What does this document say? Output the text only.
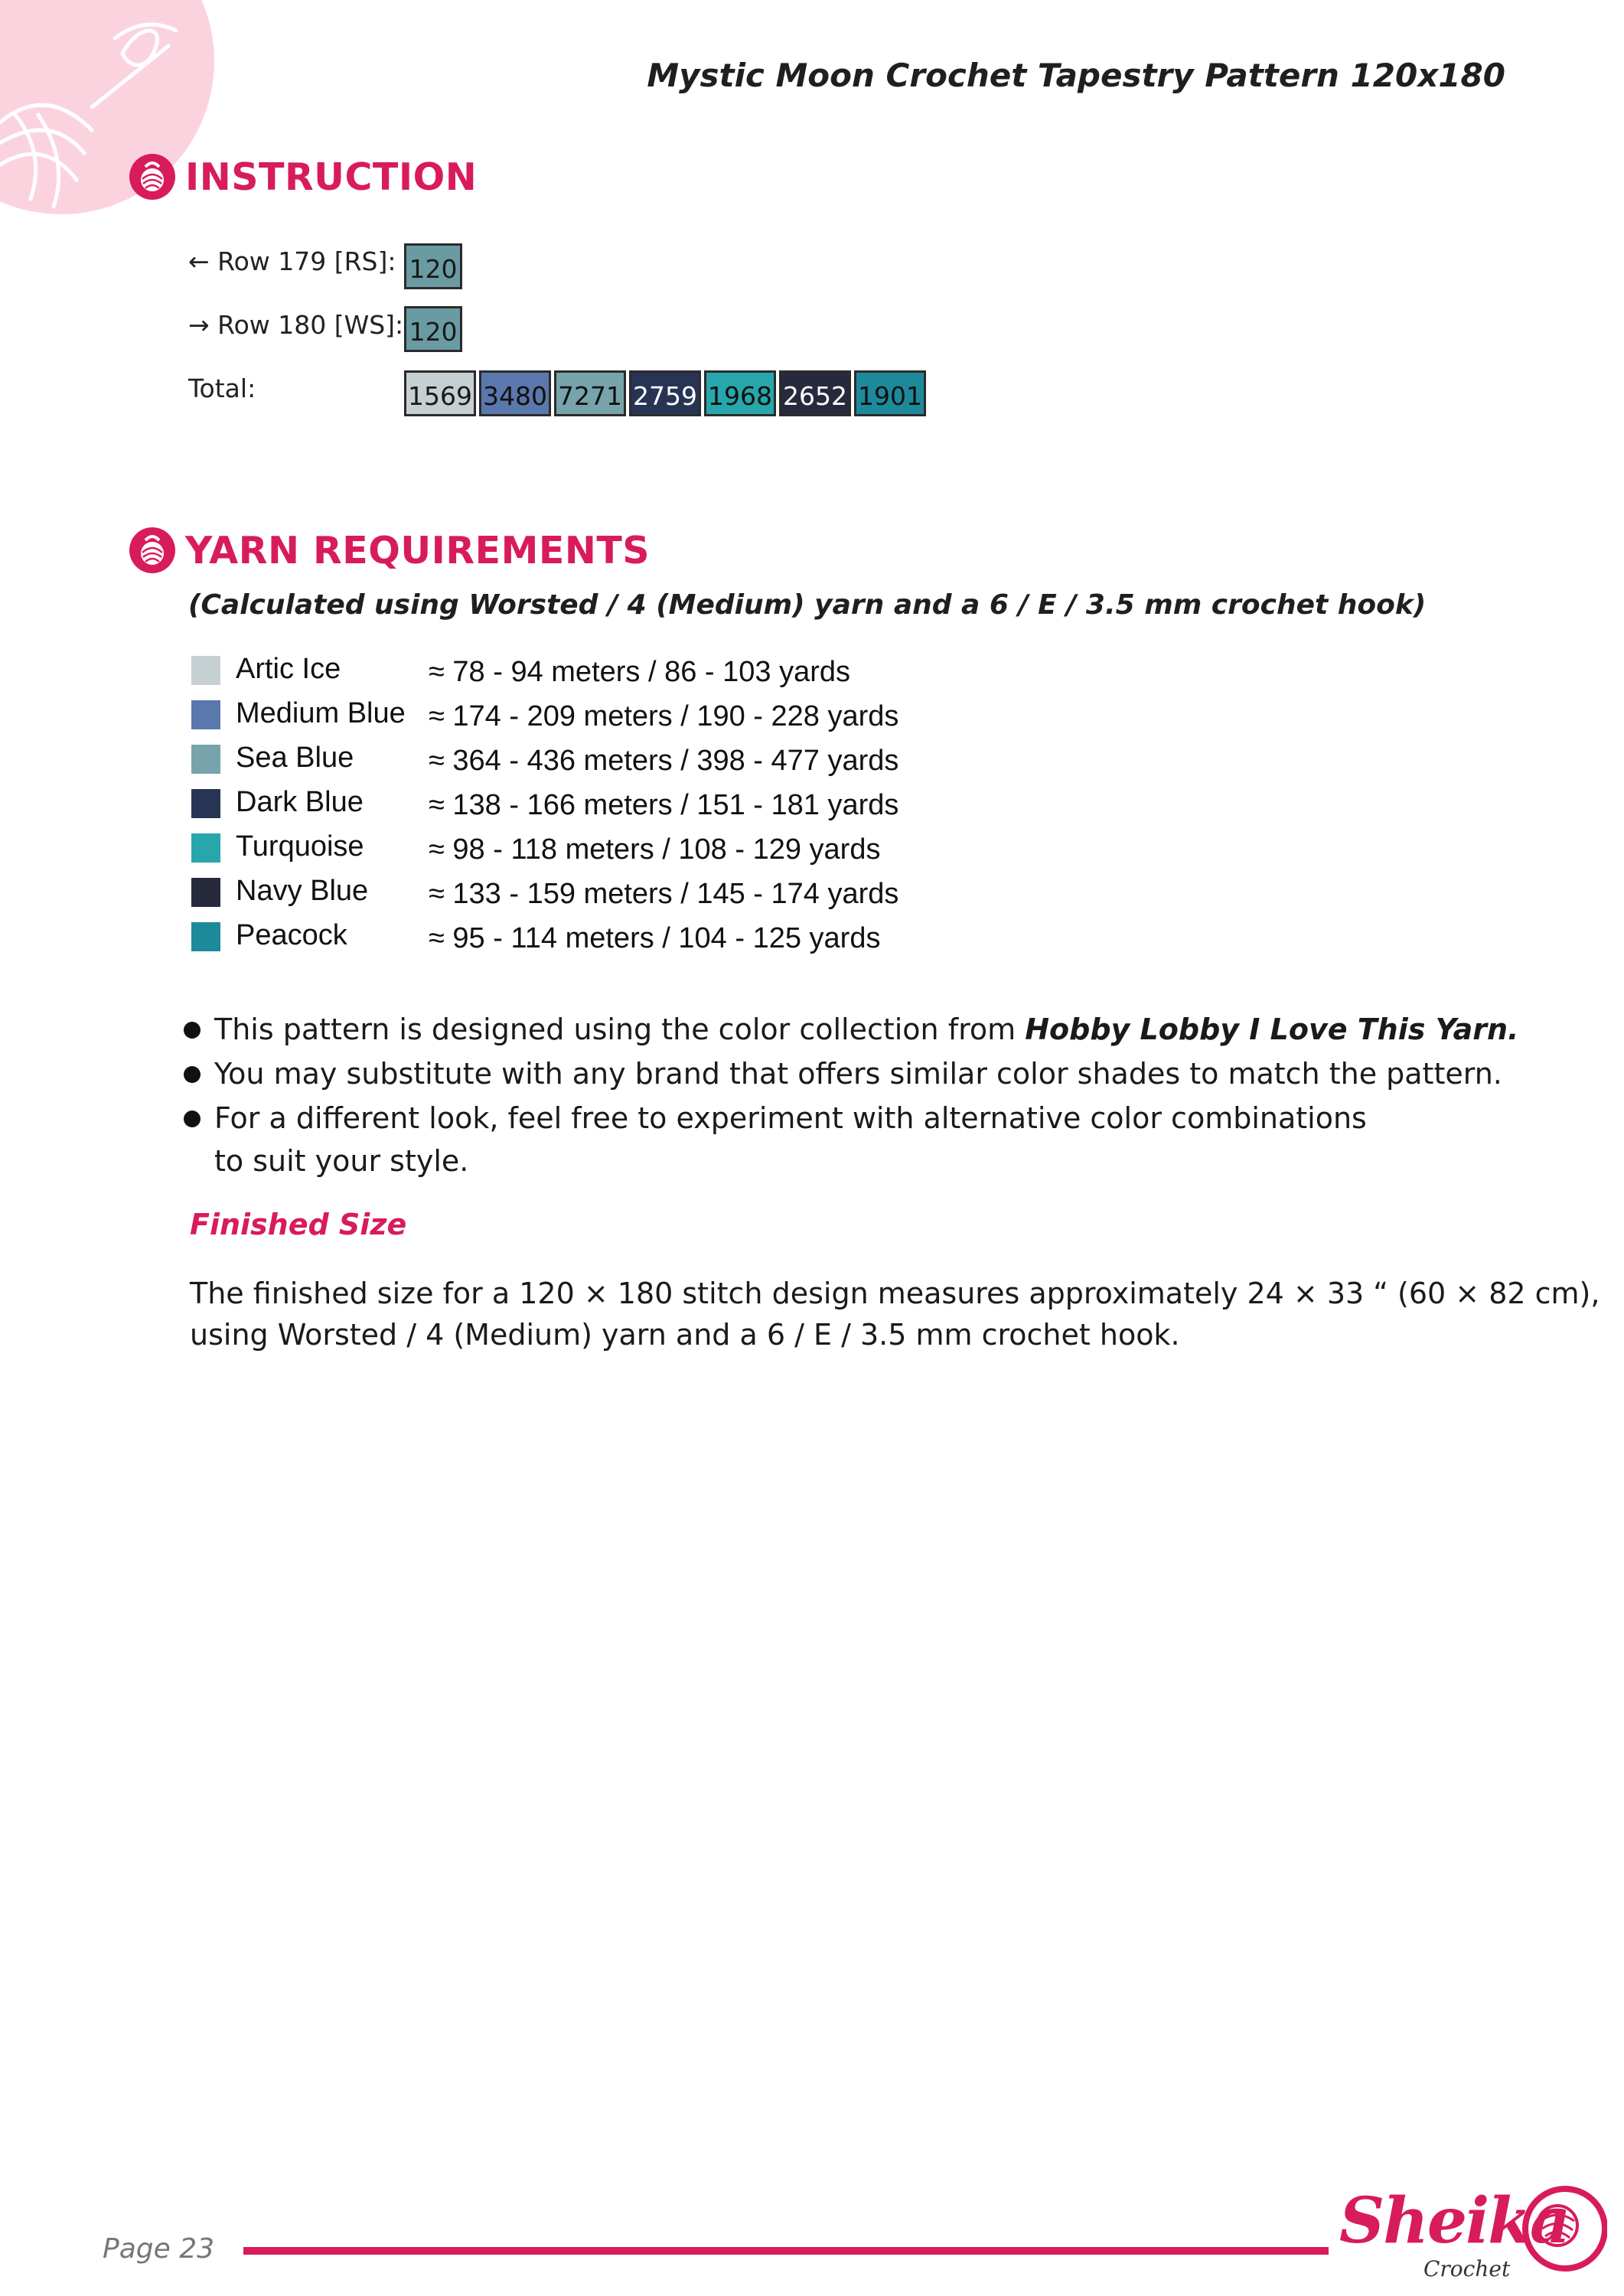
Mystic Moon Crochet Tapestry Pattern 120x180
INSTRUCTION
← Row 179 [RS]: 120
→ Row 180 [WS]: 120
Total:	1569 3480 7271 2759 1968 2652 1901
YARN REQUIREMENTS
(Calculated using Worsted / 4 (Medium) yarn and a 6 / E / 3.5 mm crochet hook)
Artic Ice	≈ 78 - 94 meters / 86 - 103 yards
Medium Blue ≈ 174 - 209 meters / 190 - 228 yards
Sea Blue	≈ 364 - 436 meters / 398 - 477 yards
Dark Blue ≈ 138 - 166 meters / 151 - 181 yards
Turquoise ≈ 98 - 118 meters / 108 - 129 yards
Navy Blue ≈ 133 - 159 meters / 145 - 174 yards
Peacock	≈ 95 - 114 meters / 104 - 125 yards
This pattern is designed using the color collection from Hobby Lobby I Love This Yarn.
You may substitute with any brand that offers similar color shades to match the pattern.
For a different look, feel free to experiment with alternative color combinations
to suit your style.
Finished Size
The finished size for a 120 × 180 stitch design measures approximately 24 × 33 “ (60 × 82 cm),
using Worsted / 4 (Medium) yarn and a 6 / E / 3.5 mm crochet hook.
Page 23	Sheika
Crochet
